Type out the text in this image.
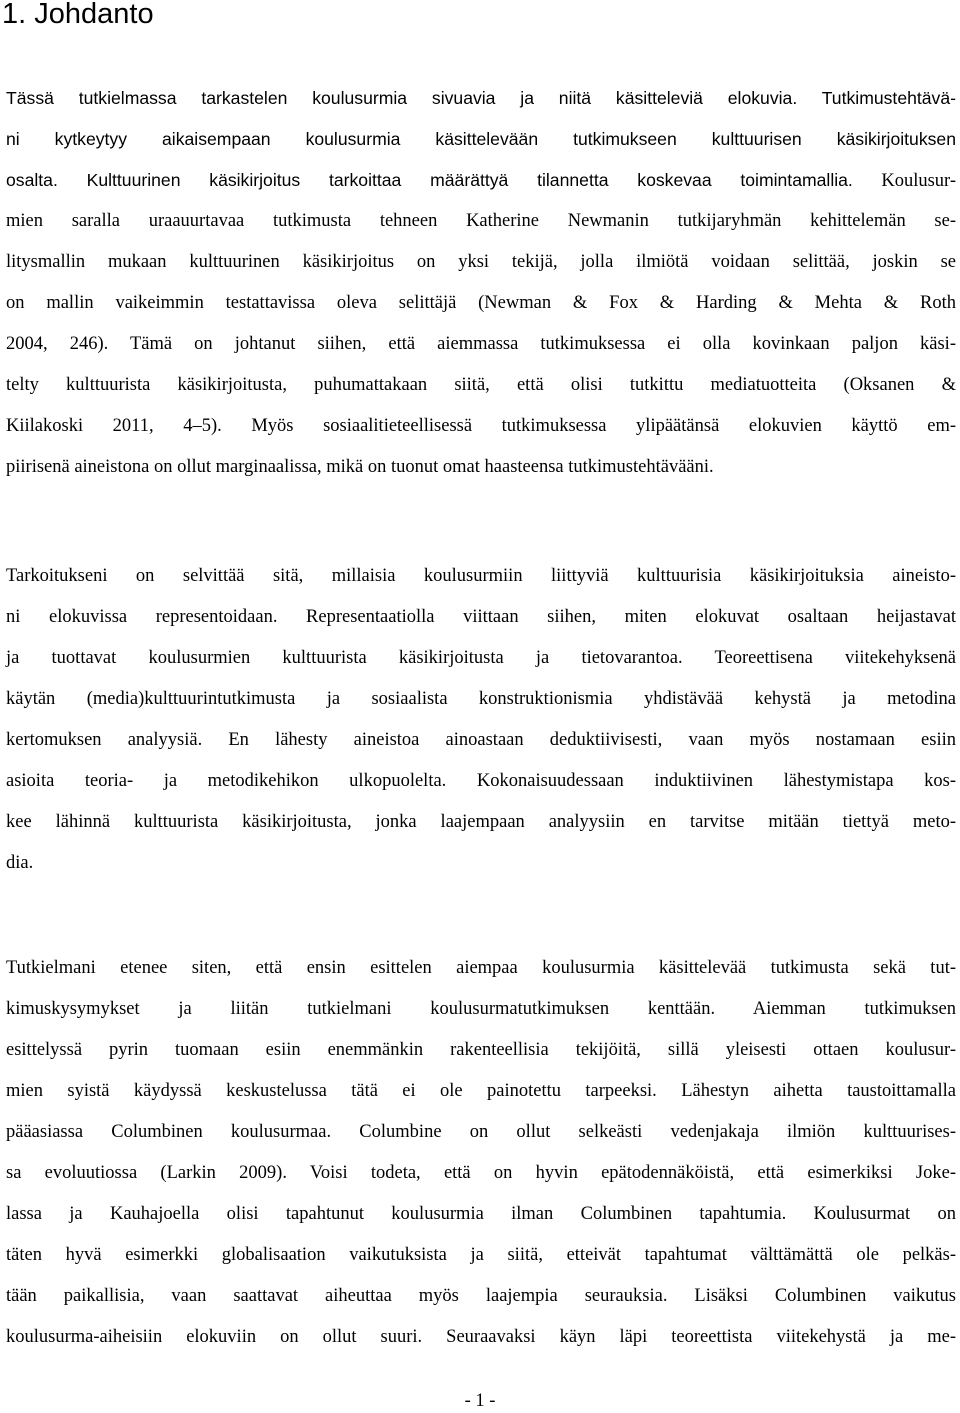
1. Johdanto
Tässä tutkielmassa tarkastelen koulusurmia sivuavia ja niitä käsitteleviä elokuvia. Tutkimustehtävä-
ni kytkeytyy aikaisempaan koulusurmia käsittelevään tutkimukseen kulttuurisen käsikirjoituksen
osalta. Kulttuurinen käsikirjoitus tarkoittaa määrättyä tilannetta koskevaa toimintamallia. Koulusur-
mien saralla uraauurtavaa tutkimusta tehneen Katherine Newmanin tutkijaryhmän kehittelemän se-
litysmallin mukaan kulttuurinen käsikirjoitus on yksi tekijä, jolla ilmiötä voidaan selittää, joskin se
on mallin vaikeimmin testattavissa oleva selittäjä (Newman & Fox & Harding & Mehta & Roth
2004, 246). Tämä on johtanut siihen, että aiemmassa tutkimuksessa ei olla kovinkaan paljon käsi-
telty kulttuurista käsikirjoitusta, puhumattakaan siitä, että olisi tutkittu mediatuotteita (Oksanen &
Kiilakoski 2011, 4–5). Myös sosiaalitieteellisessä tutkimuksessa ylipäätänsä elokuvien käyttö em-
piirisenä aineistona on ollut marginaalissa, mikä on tuonut omat haasteensa tutkimustehtävääni.
Tarkoitukseni on selvittää sitä, millaisia koulusurmiin liittyviä kulttuurisia käsikirjoituksia aineisto-
ni elokuvissa representoidaan. Representaatiolla viittaan siihen, miten elokuvat osaltaan heijastavat
ja tuottavat koulusurmien kulttuurista käsikirjoitusta ja tietovarantoa. Teoreettisena viitekehyksenä
käytän (media)kulttuurintutkimusta ja sosiaalista konstruktionismia yhdistävää kehystä ja metodina
kertomuksen analyysiä. En lähesty aineistoa ainoastaan deduktiivisesti, vaan myös nostamaan esiin
asioita teoria- ja metodikehikon ulkopuolelta. Kokonaisuudessaan induktiivinen lähestymistapa kos-
kee lähinnä kulttuurista käsikirjoitusta, jonka laajempaan analyysiin en tarvitse mitään tiettyä meto-
dia.
Tutkielmani etenee siten, että ensin esittelen aiempaa koulusurmia käsittelevää tutkimusta sekä tut-
kimuskysymykset ja liitän tutkielmani koulusurmatutkimuksen kenttään. Aiemman tutkimuksen
esittelyssä pyrin tuomaan esiin enemmänkin rakenteellisia tekijöitä, sillä yleisesti ottaen koulusur-
mien syistä käydyssä keskustelussa tätä ei ole painotettu tarpeeksi. Lähestyn aihetta taustoittamalla
pääasiassa Columbinen koulusurmaa. Columbine on ollut selkeästi vedenjakaja ilmiön kulttuurises-
sa evoluutiossa (Larkin 2009). Voisi todeta, että on hyvin epätodennäköistä, että esimerkiksi Joke-
lassa ja Kauhajoella olisi tapahtunut koulusurmia ilman Columbinen tapahtumia. Koulusurmat on
täten hyvä esimerkki globalisaation vaikutuksista ja siitä, etteivät tapahtumat välttämättä ole pelkäs-
tään paikallisia, vaan saattavat aiheuttaa myös laajempia seurauksia. Lisäksi Columbinen vaikutus
koulusurma-aiheisiin elokuviin on ollut suuri. Seuraavaksi käyn läpi teoreettista viitekehystä ja me-
- 1 -
